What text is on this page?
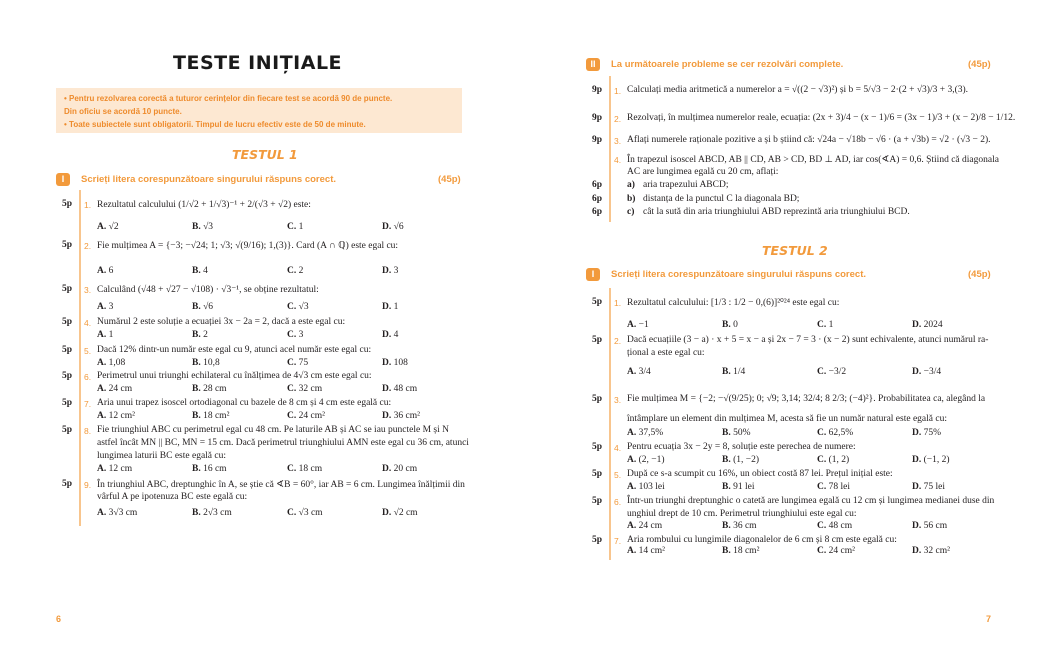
TESTE INIȚIALE
• Pentru rezolvarea corectă a tuturor cerințelor din fiecare test se acordă 90 de puncte.
Din oficiu se acordă 10 puncte.
• Toate subiectele sunt obligatorii. Timpul de lucru efectiv este de 50 de minute.
TESTUL 1
I	Scrieți litera corespunzătoare singurului răspuns corect.	(45p)
5p 1. Rezultatul calculului (1/√2 + 1/√3)⁻¹ + 2/(√3 + √2) este:
A. √2	B. √3	C. 1	D. √6
5p 2. Fie mulțimea A = {−3; −√24; 1; √3; √(9/16); 1,(3)}. Card (A ∩ ℚ) este egal cu:
A. 6	B. 4	C. 2	D. 3
5p 3. Calculând (√48 + √27 − √108) · √3⁻¹, se obține rezultatul:
A. 3	B. √6	C. √3	D. 1
5p 4. Numărul 2 este soluție a ecuației 3x − 2a = 2, dacă a este egal cu:
A. 1	B. 2	C. 3	D. 4
5p 5. Dacă 12% dintr-un număr este egal cu 9, atunci acel număr este egal cu:
A. 1,08	B. 10,8	C. 75	D. 108
5p 6. Perimetrul unui triunghi echilateral cu înălțimea de 4√3 cm este egal cu:
A. 24 cm	B. 28 cm	C. 32 cm	D. 48 cm
5p 7. Aria unui trapez isoscel ortodiagonal cu bazele de 8 cm și 4 cm este egală cu:
A. 12 cm²	B. 18 cm²	C. 24 cm²	D. 36 cm²
5p 8. Fie triunghiul ABC cu perimetrul egal cu 48 cm. Pe laturile AB și AC se iau punctele M și N
astfel încât MN || BC, MN = 15 cm. Dacă perimetrul triunghiului AMN este egal cu 36 cm, atunci
lungimea laturii BC este egală cu:
A. 12 cm	B. 16 cm	C. 18 cm	D. 20 cm
5p 9. În triunghiul ABC, dreptunghic în A, se știe că ∢B = 60°, iar AB = 6 cm. Lungimea înălțimii din
vârful A pe ipotenuza BC este egală cu:
A. 3√3 cm	B. 2√3 cm	C. √3 cm	D. √2 cm
6
II	La următoarele probleme se cer rezolvări complete.	(45p)
9p 1. Calculați media aritmetică a numerelor a = √((2 − √3)²) și b = 5/√3 − 2·(2 + √3)/3 + 3,(3).
9p 2. Rezolvați, în mulțimea numerelor reale, ecuația: (2x + 3)/4 − (x − 1)/6 = (3x − 1)/3 + (x − 2)/8 − 1/12.
9p 3. Aflați numerele raționale pozitive a și b știind că: √24a − √18b − √6 · (a + √3b) = √2 · (√3 − 2).
4. În trapezul isoscel ABCD, AB || CD, AB > CD, BD ⊥ AD, iar cos(∢A) = 0,6. Știind că diagonala
AC are lungimea egală cu 20 cm, aflați:
6p	a) aria trapezului ABCD;
6p	b) distanța de la punctul C la diagonala BD;
6p	c) cât la sută din aria triunghiului ABD reprezintă aria triunghiului BCD.
TESTUL 2
I	Scrieți litera corespunzătoare singurului răspuns corect.	(45p)
5p 1. Rezultatul calculului: [1/3 : 1/2 − 0,(6)]²⁰²⁴ este egal cu:
A. −1	B. 0	C. 1	D. 2024
5p 2. Dacă ecuațiile (3 − a) · x + 5 = x − a și 2x − 7 = 3 · (x − 2) sunt echivalente, atunci numărul ra-
țional a este egal cu:
A. 3/4	B. 1/4	C. −3/2	D. −3/4
5p 3. Fie mulțimea M = {−2; −√(9/25); 0; √9; 3,14; 32/4; 8 2/3; (−4)²}. Probabilitatea ca, alegând la
întâmplare un element din mulțimea M, acesta să fie un număr natural este egală cu:
A. 37,5%	B. 50%	C. 62,5%	D. 75%
5p 4. Pentru ecuația 3x − 2y = 8, soluție este perechea de numere:
A. (2, −1)	B. (1, −2)	C. (1, 2)	D. (−1, 2)
5p 5. După ce s-a scumpit cu 16%, un obiect costă 87 lei. Prețul inițial este:
A. 103 lei	B. 91 lei	C. 78 lei	D. 75 lei
5p 6. Într-un triunghi dreptunghic o catetă are lungimea egală cu 12 cm și lungimea medianei duse din
unghiul drept de 10 cm. Perimetrul triunghiului este egal cu:
A. 24 cm	B. 36 cm	C. 48 cm	D. 56 cm
5p 7. Aria rombului cu lungimile diagonalelor de 6 cm și 8 cm este egală cu:
A. 14 cm²	B. 18 cm²	C. 24 cm²	D. 32 cm²
7
